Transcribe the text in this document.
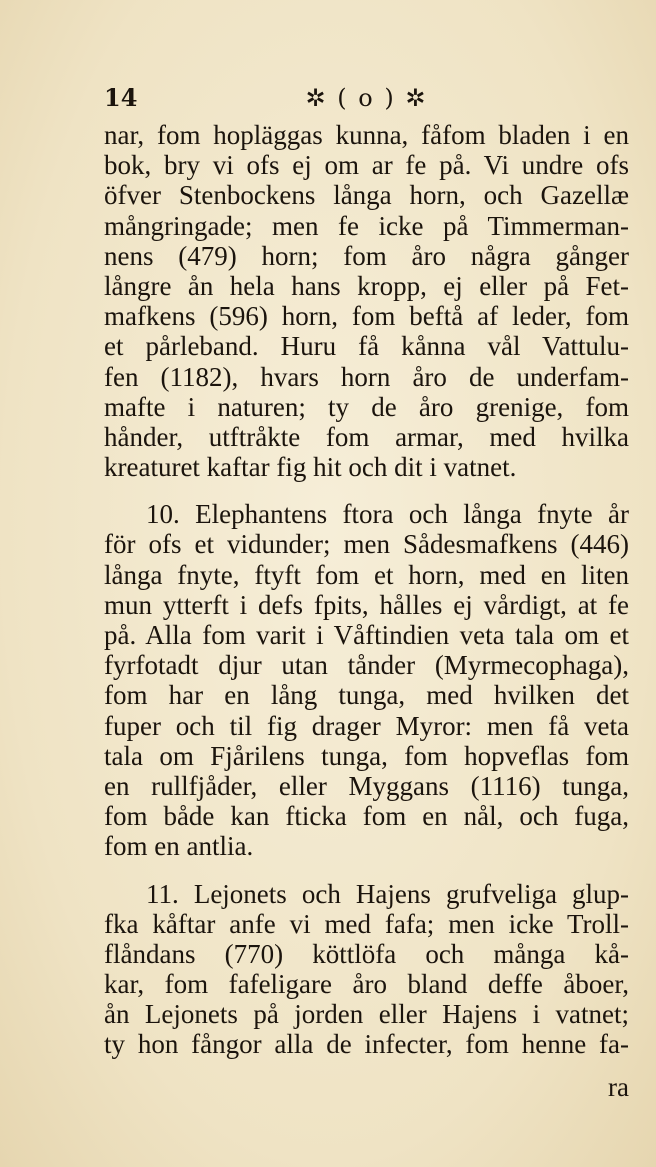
14	✲ ( o ) ✲
nar, fom hopläggas kunna, fåfom bladen i en
bok, bry vi ofs ej om ar fe på. Vi undre ofs
öfver Stenbockens långa horn, och Gazellæ
mångringade; men fe icke på Timmerman-
nens (479) horn; fom åro några gånger
långre ån hela hans kropp, ej eller på Fet-
mafkens (596) horn, fom beftå af leder, fom
et pårleband. Huru få kånna vål Vattulu-
fen (1182), hvars horn åro de underfam-
mafte i naturen; ty de åro grenige, fom
hånder, utftråkte fom armar, med hvilka
kreaturet kaftar fig hit och dit i vatnet.
10. Elephantens ftora och långa fnyte år
för ofs et vidunder; men Sådesmafkens (446)
långa fnyte, ftyft fom et horn, med en liten
mun ytterft i defs fpits, hålles ej vårdigt, at fe
på. Alla fom varit i Våftindien veta tala om et
fyrfotadt djur utan tånder (Myrmecophaga),
fom har en lång tunga, med hvilken det
fuper och til fig drager Myror: men få veta
tala om Fjårilens tunga, fom hopveflas fom
en rullfjåder, eller Myggans (1116) tunga,
fom både kan fticka fom en nål, och fuga,
fom en antlia.
11. Lejonets och Hajens grufveliga glup-
fka kåftar anfe vi med fafa; men icke Troll-
flåndans (770) köttlöfa och många kå-
kar, fom fafeligare åro bland deffe åboer,
ån Lejonets på jorden eller Hajens i vatnet;
ty hon fångor alla de infecter, fom henne fa-
ra
